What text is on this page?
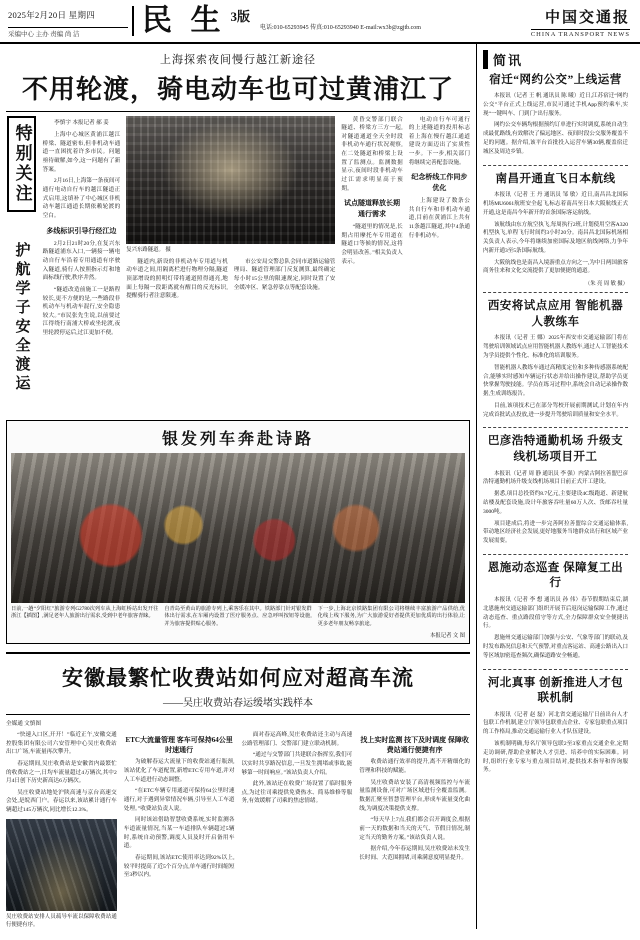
2025年2月20日 星期四
采编中心 主办 责编 尚 洁	民 生 3版
电话:010-65293945 传真:010-65293940 E-mail:wx3b@zgjtb.com
中国交通报
CHINA TRANSPORT NEWS
上海探索夜间慢行越江新途径
不用轮渡，骑电动车也可过黄浦江了
特别关注
护航学子安全渡运
李慎宇 本报记者 郝 姜

上海中心城区黄浦江越江桥梁、隧道密布,但非机动车通道一直困扰着许多市民。问题亟待破解,如今,这一问题有了新答案。

2月16日,上海第一条夜间可通行电动自行车的越江隧道正式启用,这填补了中心城区非机动车越江通道长期依赖轮渡的空白。

多线标识引导行经江边

2月2日21时20分,在复兴东路隧道浦东入口,一辆接一辆电动自行车沿着专用通道有序驶入隧道,骑行人按照指示灯和地面标线行驶,秩序井然。

“隧道改造前施工一是路程较长,更不方便的是,一些路段非机动车与机动车混行,安全隐患较大。”市民张先生说,以前要过江得绕行南浦大桥或坐轮渡,夜里轮渡停运后,过江更加不便。

复兴东路隧道。 摄

隧道内,新设的非机动车专用道与机动车道之间,用隔离栏进行物理分隔,隧道顶部增设的照明灯带将通道照得通亮,地面上每隔一段距离就有醒目的反光标识,提醒骑行者注意限速。

市公安局交警总队会同市道路运输管理局、隧道管理部门反复测算,最终确定每小时15公里的限速规定,同时设置了安全缓冲区、紧急停靠点等配套设施。

黄昏交警部门联合隧道、桥梁方三方一起,对隧道通道全天全时段非机动车通行状况观察,在二处隧道和桥梁上设置了监测点。监测数据显示,夜间时段非机动车过江需求明显高于预期。

试点隧道释放长期通行需求

“隧道里的情况是,长期占用摩托车专用道在隧道口等候的情况,这将会明显改善。”相关负责人表示。

电动自行车可通行的上述隧道的投用标志着上海在慢行越江通道建设方面迈出了实质性一步。下一步,相关部门将继续完善配套设施。

纪念桥线工作同步优化

上海建设了数条公共自行车和非机动车通道,目前在黄浦江上共有11条越江隧道,其中4条通行非机动车。

银发列车奔赴诗路
日前,一趟“夕阳红”旅游专列G2780次列车从上海虹桥站出发开往浙江【插图】,满足老年人旅游出行需求,受到中老年旅客青睐。
自青岛至黄山的旅游专列上,乘客乐在其中。铁路部门针对银发群体出行需求,在车厢内设置了医疗服务点、应急呼叫按钮等设施,并为旅客提供贴心服务。
下一步,上海北京铁路集团有限公司将继续丰富旅游产品供给,优化线上线下服务,为广大旅游爱好者提供更加优质的出行体验,让更多老年朋友畅享旅途。
本报记者 文 图
安徽最繁忙收费站如何应对超高车流
——吴庄收费站春运缓堵实践样本
全媒通 文慎图

“快速入口区,开开！”临近正午,安徽交通控股集团有限公司六安管理中心吴庄收费站出口广场,车流量再次攀升。

春运期间,吴庄收费站是安徽省内最繁忙的收费站之一,日均车流量超过4万辆次,其中2月4日创下历史新高达6万辆次。

吴庄收费站地处沪陕高速与京台高速交会处,是皖西门户。春运以来,该站累计通行车辆超过145万辆次,同比增长12.3%。

吴庄收费站安排人员疏导车流以保障收费站通行便捷有序。
ETC大流量管理 客车可保持64公里时速通行

为破解春运大流量下的收费站通行瓶颈,该站优化了车道配置,新增ETC专用车道,并对人工车道进行动态调整。

“在ETC车辆专用通道可保持64公里时速通行,对于遇到异常情况车辆,引导至人工车道处理。”收费站负责人说。

同时该站借助智慧收费系统,实时监测各车道流量情况,当某一车道排队车辆超过5辆时,系统自动预警,调度人员及时开启备用车道。

春运期间,该站ETC使用率达到92%以上,较平时提高了近5个百分点,单车通行时间缩短至3秒以内。

面对春运高峰,吴庄收费站还主动与高速公路管理部门、交警部门建立联动机制。

“通过与交警部门共建联合指挥室,我们可以实时共享路况信息,一旦发生拥堵或事故,能够第一时间响应。”该站负责人介绍。

此外,该站还在收费广场设置了临时服务点,为过往司乘提供免费热水、简易维修等服务,有效缓解了司乘的焦虑情绪。

找上实时监测 技下及时调度 保障收费站通行便捷有序

收费站通行效率的提升,离不开精细化的管理和科技的赋能。

吴庄收费站安装了高清视频监控与车流量监测设备,可对广场区域进行全覆盖监测。数据汇聚至智慧管理平台,形成车流量变化曲线,为调度决策提供支撑。

“每天早上7点,我们都会召开调度会,根据前一天的数据和当天的天气、节假日情况,制定当天的勤务方案。”该站负责人说。

据介绍,今年春运期间,吴庄收费站未发生长时间、大范围拥堵,司乘满意度明显提升。

简讯
宿迁“网约公交”上线运营

本报讯（记者 王 帆 通讯员 陈 曦）近日,江苏宿迁“网约公交”平台正式上线运营,市民可通过手机App预约乘车,实现“一键叫车、门到门”出行服务。

网约公交车辆均根据预约订单进行实时调度,系统自动生成最优路线,有效解决了偏远地区、夜间时段公交服务覆盖不足的问题。据介绍,该平台首批投入运营车辆30辆,覆盖宿迁城区及周边乡镇。

南昌开通直飞日本航线

本报讯（记者 王 丹 通讯员 邹 敏）近日,南昌昌北国际机场MU6061航班安全起飞,标志着南昌至日本大阪航线正式开通,这是南昌今年新开的首条国际客运航线。

该航线由东方航空执飞,每周执行2班,计划使用空客A320机型执飞,单程飞行时间约3小时20分。南昌昌北国际机场相关负责人表示,今年将继续加密国际及地区航线网络,力争年内新开通3至5条国际航线。

大阪航线也是南昌入境游重点方向之一,为中日两国旅客商务往来和文化交流提供了更加便捷的通道。

（朱 亮 周 敏 摄）
西安将试点应用 智能机器人教练车

本报讯（记者 王 娜）2025年西安市交通运输部门将在驾驶培训领域试点应用智能机器人教练车,通过人工智能技术为学员提供个性化、标准化的培训服务。

智能机器人教练车通过高精度定位和多种传感器系统配合,能够实时感知车辆运行状态并给出操作建议,帮助学员更快掌握驾驶技能。学员在练习过程中,系统会自动记录操作数据,生成训练报告。

目前,该项技术已在部分驾校开展前期测试,计划在年内完成首批试点投放,进一步提升驾驶培训质量和安全水平。

巴彦浩特通勤机场 升级支线机场项目开工

本报讯（记者 周 静 通讯员 李 强）内蒙古阿拉善盟巴彦浩特通勤机场升级支线机场项目日前正式开工建设。

据悉,项目总投资约8.7亿元,主要建设4C级跑道、新建航站楼及配套设施,设计年旅客吞吐量60万人次、货邮吞吐量3000吨。

项目建成后,将进一步完善阿拉善盟综合交通运输体系,带动地区经济社会发展,更好地服务当地群众出行和区域产业发展需要。

恩施动态巡查 保障复工出行

本报讯（记者 李 想 通讯员 孙 伟）春节假期结束后,湖北恩施州交通运输部门组织开展节后返岗运输保障工作,通过动态巡查、重点路段值守等方式,全力保障群众安全便捷出行。

恩施州交通运输部门加强与公安、气象等部门的联动,及时发布路况信息和天气预警,对重点客运站、高速公路出入口等区域加密巡查频次,确保道路安全畅通。

河北真事 创新推进人才包联机制

本报讯（记者 赵 磊）河北省交通运输厅日前出台人才包联工作机制,建立厅领导包联重点企业、专家包联重点项目的工作格局,推动交通运输行业人才队伍建设。

该机制明确,每名厅领导包联2至3家重点交通企业,定期走访调研,帮助企业解决人才引进、培养中的实际困难。同时,组织行业专家与重点项目结对,提供技术指导和咨询服务。
